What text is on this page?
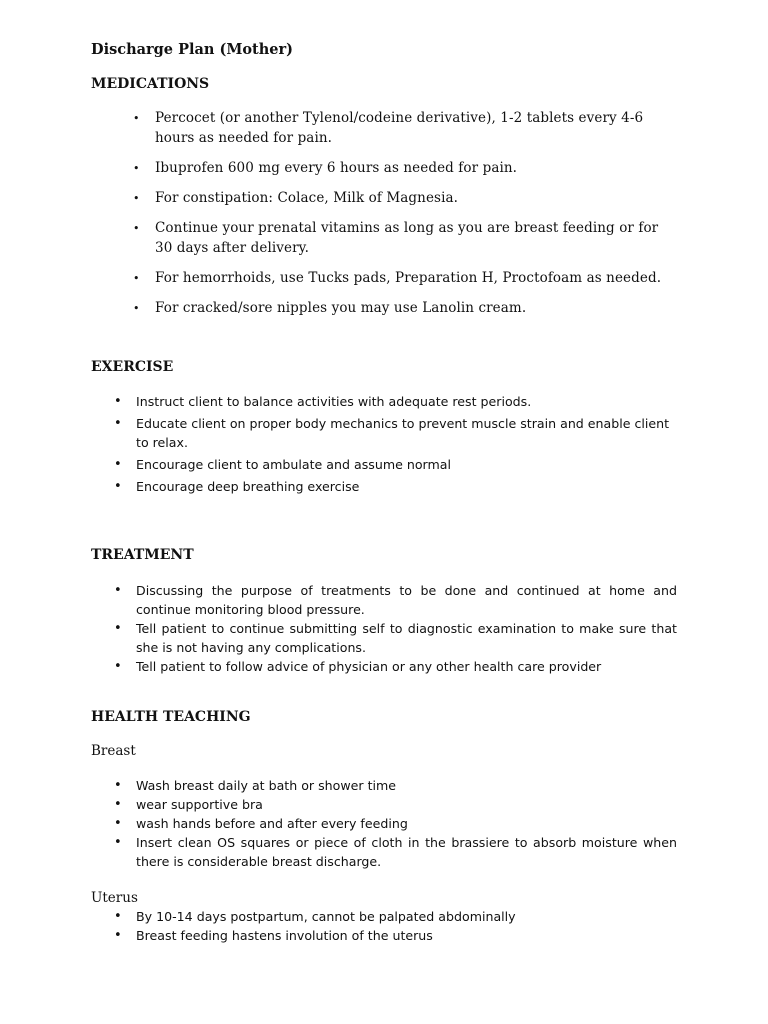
Discharge Plan (Mother)
MEDICATIONS
• Percocet (or another Tylenol/codeine derivative), 1-2 tablets every 4-6 hours as needed for pain.
• Ibuprofen 600 mg every 6 hours as needed for pain.
• For constipation: Colace, Milk of Magnesia.
• Continue your prenatal vitamins as long as you are breast feeding or for 30 days after delivery.
• For hemorrhoids, use Tucks pads, Preparation H, Proctofoam as needed.
• For cracked/sore nipples you may use Lanolin cream.
EXERCISE
• Instruct client to balance activities with adequate rest periods.
• Educate client on proper body mechanics to prevent muscle strain and enable client to relax.
• Encourage client to ambulate and assume normal
• Encourage deep breathing exercise
TREATMENT
• Discussing the purpose of treatments to be done and continued at home and continue monitoring blood pressure.
• Tell patient to continue submitting self to diagnostic examination to make sure that she is not having any complications.
• Tell patient to follow advice of physician or any other health care provider
HEALTH TEACHING
Breast
• Wash breast daily at bath or shower time
• wear supportive bra
• wash hands before and after every feeding
• Insert clean OS squares or piece of cloth in the brassiere to absorb moisture when there is considerable breast discharge.
Uterus
• By 10-14 days postpartum, cannot be palpated abdominally
• Breast feeding hastens involution of the uterus
